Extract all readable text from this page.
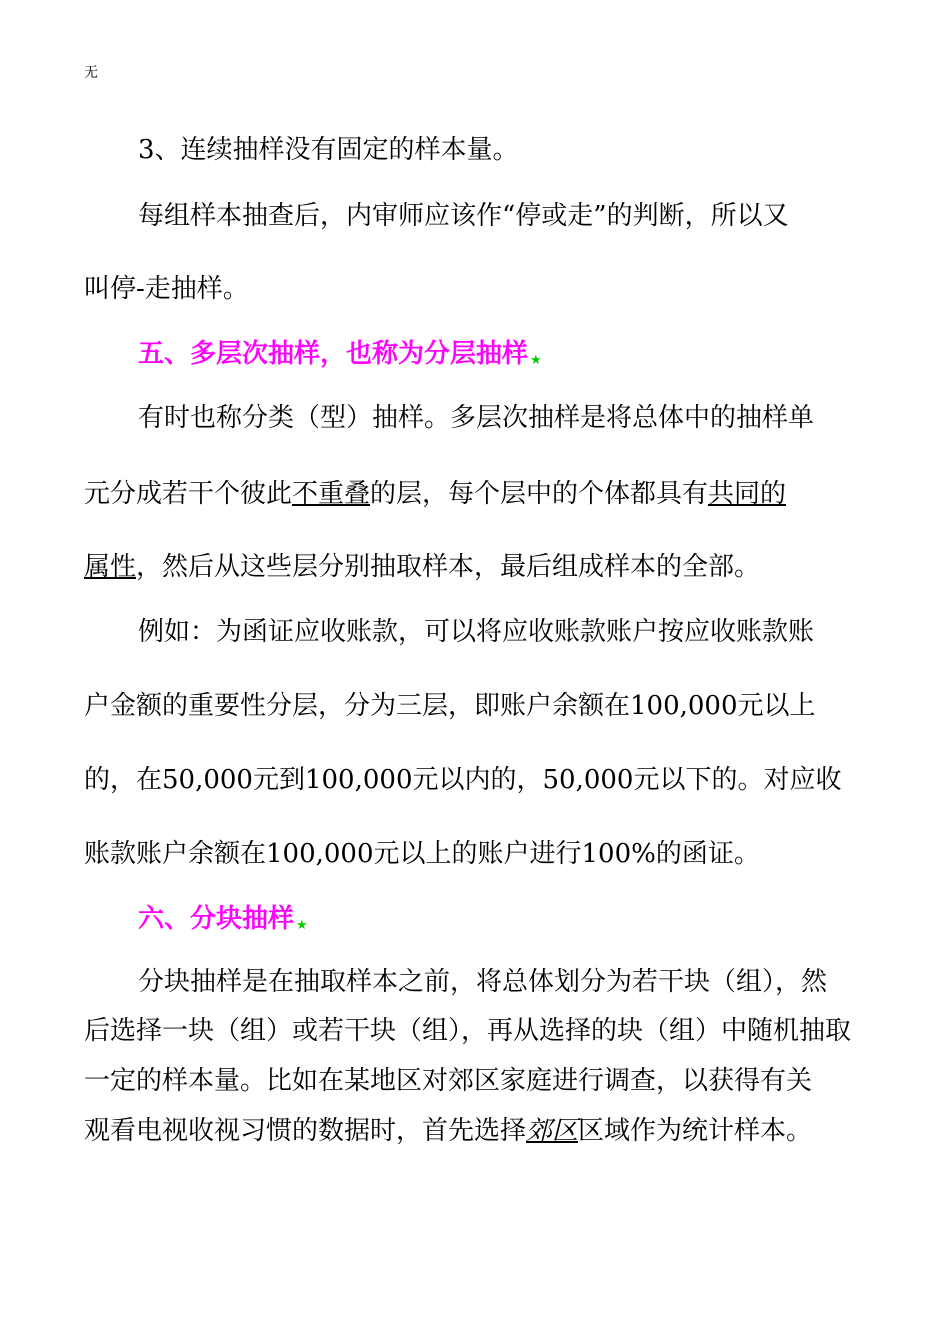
无
3、连续抽样没有固定的样本量。
每组样本抽查后，内审师应该作“停或走”的判断，所以又
叫停-走抽样。
五、多层次抽样，也称为分层抽样 ★
有时也称分类（型）抽样。多层次抽样是将总体中的抽样单
元分成若干个彼此不重叠的层，每个层中的个体都具有共同的
属性，然后从这些层分别抽取样本，最后组成样本的全部。
例如：为函证应收账款，可以将应收账款账户按应收账款账
户金额的重要性分层，分为三层，即账户余额在100,000元以上
的，在50,000元到100,000元以内的，50,000元以下的。对应收
账款账户余额在100,000元以上的账户进行100%的函证。
六、分块抽样 ★
分块抽样是在抽取样本之前，将总体划分为若干块（组），然
后选择一块（组）或若干块（组），再从选择的块（组）中随机抽取
一定的样本量。比如在某地区对郊区家庭进行调查，以获得有关
观看电视收视习惯的数据时，首先选择郊区区域作为统计样本。
